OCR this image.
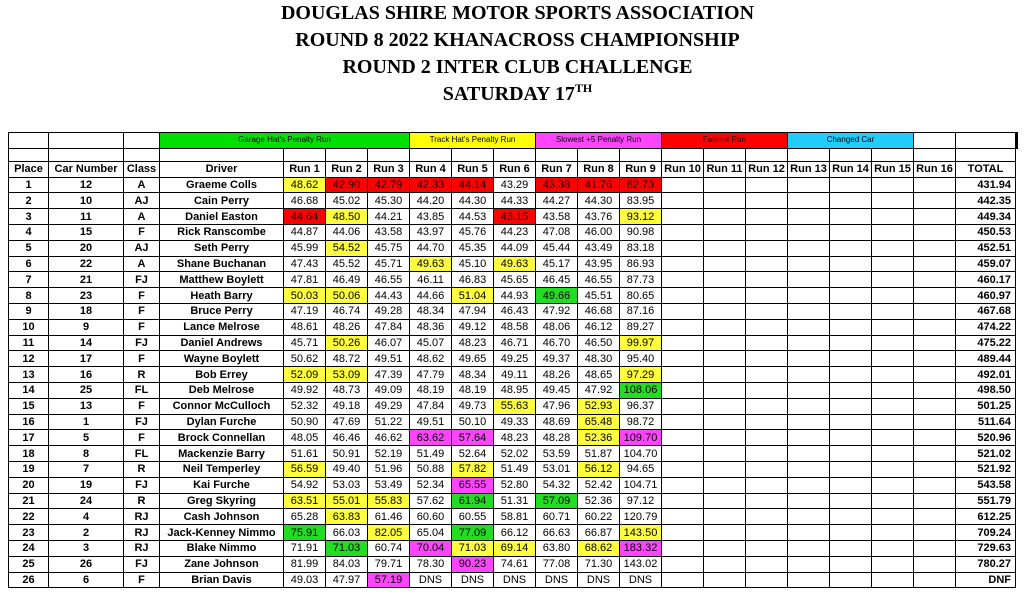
DOUGLAS SHIRE MOTOR SPORTS ASSOCIATION
ROUND 8 2022 KHANACROSS CHAMPIONSHIP
ROUND 2 INTER CLUB CHALLENGE
SATURDAY 17TH
			Garage Hat's Penalty Run				Track Hat's Penalty Run			Slowest +5 Penalty Run			Fastest Run			Changed Car					

Place	Car Number	Class	Driver	Run 1	Run 2	Run 3	Run 4	Run 5	Run 6	Run 7	Run 8	Run 9	Run 10	Run 11	Run 12	Run 13	Run 14	Run 15	Run 16	TOTAL	
1	12	A	Graeme Colls	48.62	42.90	42.79	42.33	44.14	43.29	43.38	41.76	82.73								431.94	
2	10	AJ	Cain Perry	46.68	45.02	45.30	44.20	44.30	44.33	44.27	44.30	83.95								442.35	
3	11	A	Daniel Easton	44.64	48.50	44.21	43.85	44.53	43.15	43.58	43.76	93.12								449.34	
4	15	F	Rick Ranscombe	44.87	44.06	43.58	43.97	45.76	44.23	47.08	46.00	90.98								450.53	
5	20	AJ	Seth Perry	45.99	54.52	45.75	44.70	45.35	44.09	45.44	43.49	83.18								452.51	
6	22	A	Shane Buchanan	47.43	45.52	45.71	49.63	45.10	49.63	45.17	43.95	86.93								459.07	
7	21	FJ	Matthew Boylett	47.81	46.49	46.55	46.11	46.83	45.65	46.45	46.55	87.73								460.17	
8	23	F	Heath Barry	50.03	50.06	44.43	44.66	51.04	44.93	49.66	45.51	80.65								460.97	
9	18	F	Bruce Perry	47.19	46.74	49.28	48.34	47.94	46.43	47.92	46.68	87.16								467.68	
10	9	F	Lance Melrose	48.61	48.26	47.84	48.36	49.12	48.58	48.06	46.12	89.27								474.22	
11	14	FJ	Daniel Andrews	45.71	50.26	46.07	45.07	48.23	46.71	46.70	46.50	99.97								475.22	
12	17	F	Wayne Boylett	50.62	48.72	49.51	48.62	49.65	49.25	49.37	48.30	95.40								489.44	
13	16	R	Bob Errey	52.09	53.09	47.39	47.79	48.34	49.11	48.26	48.65	97.29								492.01	
14	25	FL	Deb Melrose	49.92	48.73	49.09	48.19	48.19	48.95	49.45	47.92	108.06								498.50	
15	13	F	Connor McCulloch	52.32	49.18	49.29	47.84	49.73	55.63	47.96	52.93	96.37								501.25	
16	1	FJ	Dylan Furche	50.90	47.69	51.22	49.51	50.10	49.33	48.69	65.48	98.72								511.64	
17	5	F	Brock Connellan	48.05	46.46	46.62	63.62	57.64	48.23	48.28	52.36	109.70								520.96	
18	8	FL	Mackenzie Barry	51.61	50.91	52.19	51.49	52.64	52.02	53.59	51.87	104.70								521.02	
19	7	R	Neil Temperley	56.59	49.40	51.96	50.88	57.82	51.49	53.01	56.12	94.65								521.92	
20	19	FJ	Kai Furche	54.92	53.03	53.49	52.34	65.55	52.80	54.32	52.42	104.71								543.58	
21	24	R	Greg Skyring	63.51	55.01	55.83	57.62	61.94	51.31	57.09	52.36	97.12								551.79	
22	4	RJ	Cash Johnson	65.28	63.83	61.46	60.60	60.55	58.81	60.71	60.22	120.79								612.25	
23	2	RJ	Jack-Kenney Nimmo	75.91	66.03	82.05	65.04	77.09	66.12	66.63	66.87	143.50								709.24	
24	3	RJ	Blake Nimmo	71.91	71.03	60.74	70.04	71.03	69.14	63.80	68.62	183.32								729.63	
25	26	FJ	Zane Johnson	81.99	84.03	79.71	78.30	90.23	74.61	77.08	71.30	143.02								780.27	
26	6	F	Brian Davis	49.03	47.97	57.19	DNS	DNS	DNS	DNS	DNS	DNS								DNF	
